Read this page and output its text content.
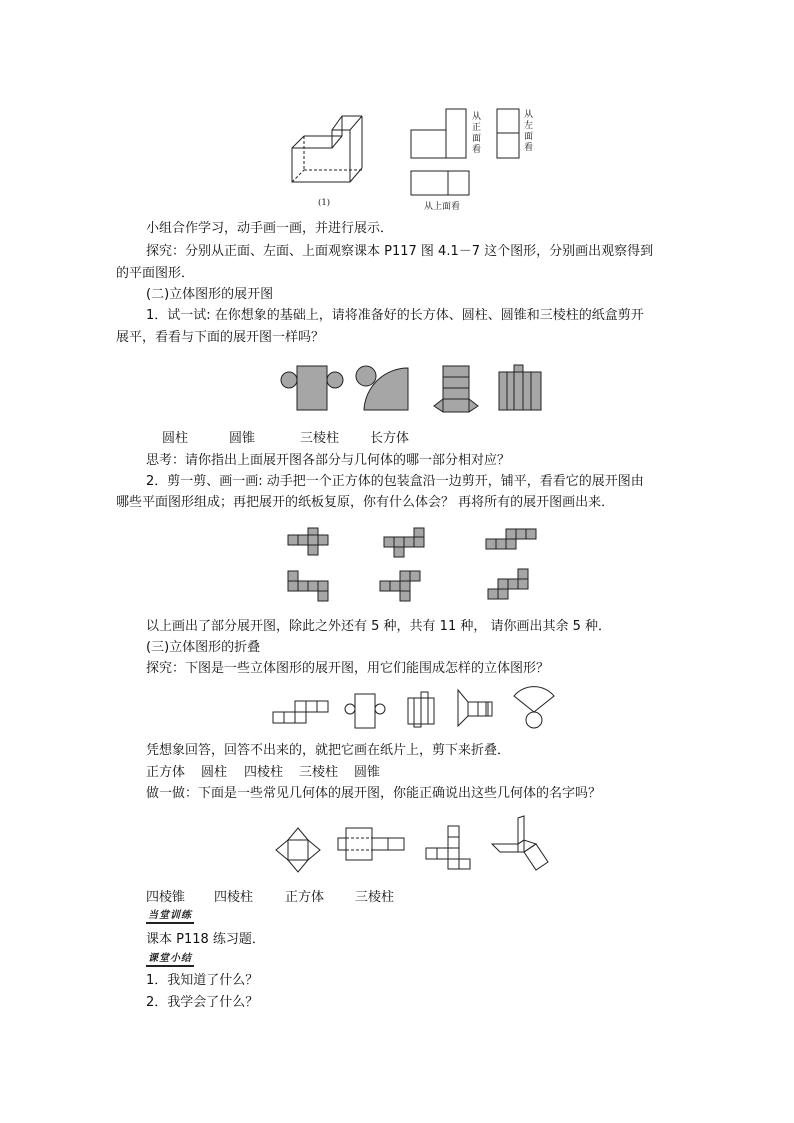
(1)
从正面看
从左面看
从上面看
小组合作学习，动手画一画，并进行展示．
探究：分别从正面、左面、上面观察课本 P117 图 4.1－7 这个图形，分别画出观察得到
的平面图形．
(二)立体图形的展开图
1．试一试: 在你想象的基础上，请将准备好的长方体、圆柱、圆锥和三棱柱的纸盒剪开
展平，看看与下面的展开图一样吗？
圆柱	圆锥	三棱柱 长方体
思考：请你指出上面展开图各部分与几何体的哪一部分相对应？
2．剪一剪、画一画: 动手把一个正方体的包装盒沿一边剪开，铺平，看看它的展开图由
哪些平面图形组成；再把展开的纸板复原，你有什么体会？ 再将所有的展开图画出来．
以上画出了部分展开图，除此之外还有 5 种，共有 11 种， 请你画出其余 5 种．
(三)立体图形的折叠
探究：下图是一些立体图形的展开图，用它们能围成怎样的立体图形？
凭想象回答，回答不出来的，就把它画在纸片上，剪下来折叠．
正方体 圆柱 四棱柱 三棱柱 圆锥
做一做：下面是一些常见几何体的展开图，你能正确说出这些几何体的名字吗？
四棱锥 四棱柱 正方体 三棱柱
当堂训练
课本 P118 练习题．
课堂小结
1．我知道了什么？
2．我学会了什么？
